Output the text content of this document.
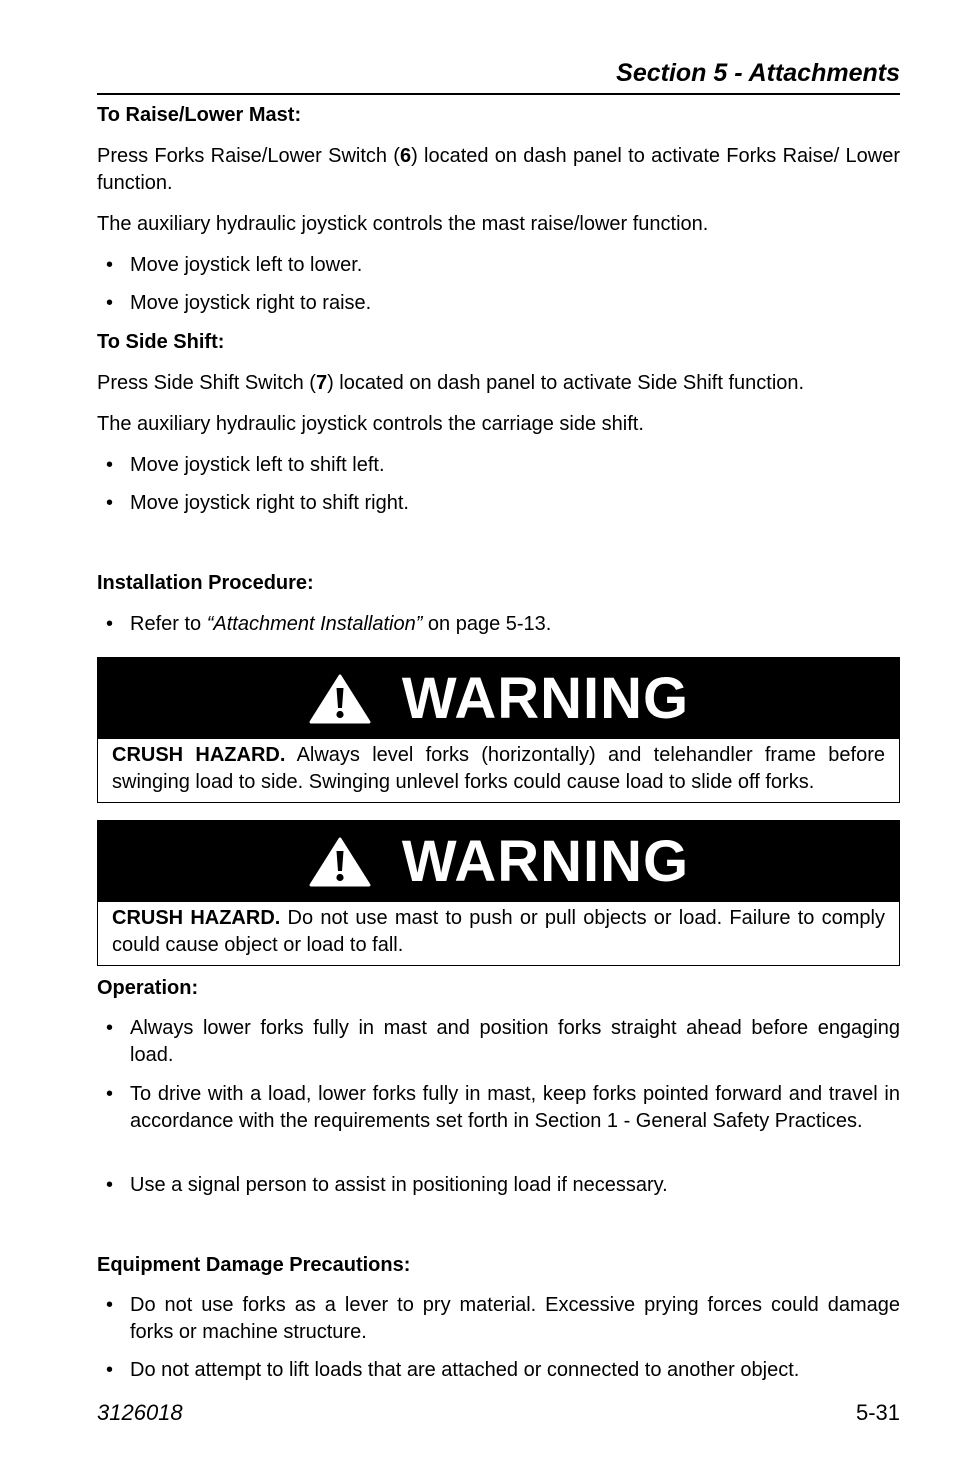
Section 5 - Attachments
To Raise/Lower Mast:
Press Forks Raise/Lower Switch (6) located on dash panel to activate Forks Raise/ Lower function.
The auxiliary hydraulic joystick controls the mast raise/lower function.
• Move joystick left to lower.
• Move joystick right to raise.
To Side Shift:
Press Side Shift Switch (7) located on dash panel to activate Side Shift function.
The auxiliary hydraulic joystick controls the carriage side shift.
• Move joystick left to shift left.
• Move joystick right to shift right.
Installation Procedure:
• Refer to “Attachment Installation” on page 5-13.
WARNING
CRUSH HAZARD. Always level forks (horizontally) and telehandler frame before swinging load to side. Swinging unlevel forks could cause load to slide off forks.
WARNING
CRUSH HAZARD. Do not use mast to push or pull objects or load. Failure to comply could cause object or load to fall.
Operation:
• Always lower forks fully in mast and position forks straight ahead before engaging load.
• To drive with a load, lower forks fully in mast, keep forks pointed forward and travel in accordance with the requirements set forth in Section 1 - General Safety Practices.
• Use a signal person to assist in positioning load if necessary.
Equipment Damage Precautions:
• Do not use forks as a lever to pry material. Excessive prying forces could damage forks or machine structure.
• Do not attempt to lift loads that are attached or connected to another object.
3126018	5-31
